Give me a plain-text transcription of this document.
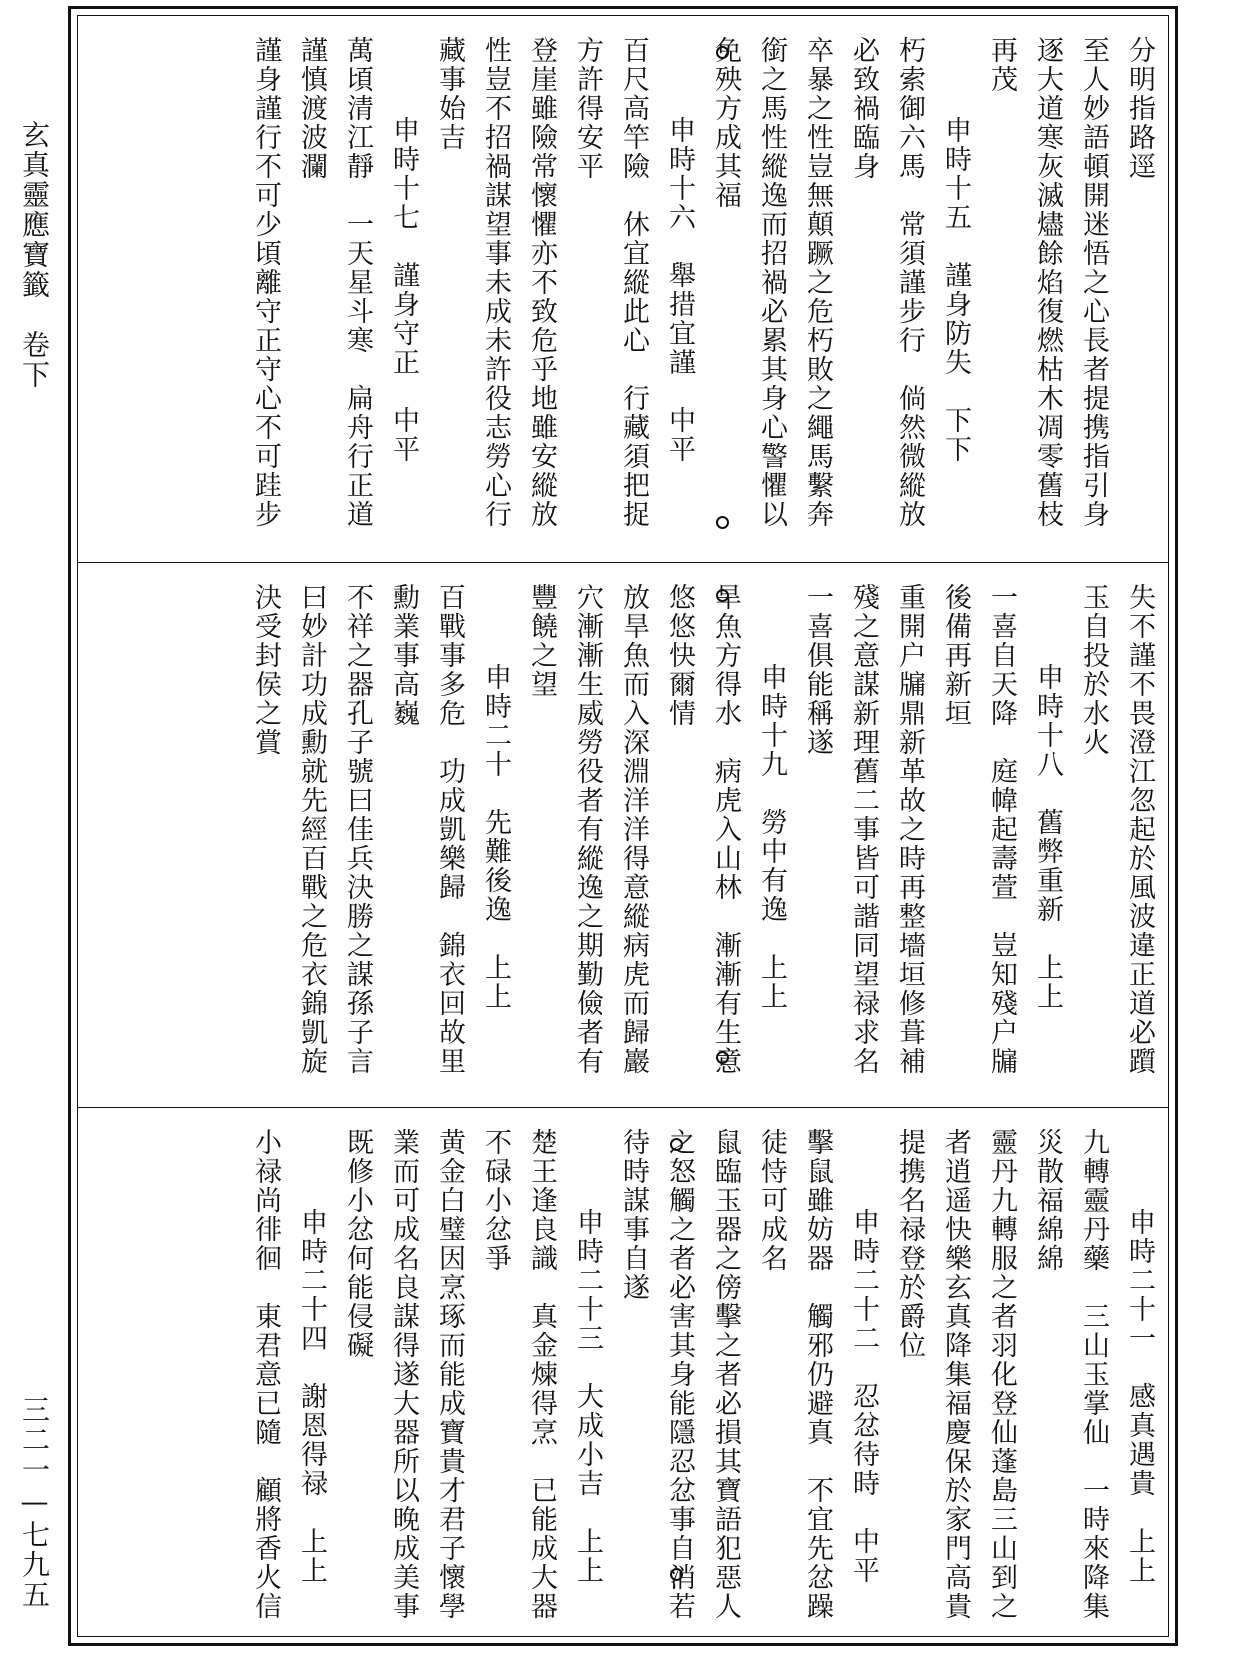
玄真靈應寶籤　卷下
三二一—七九五
分明指路逕
至人妙語頓開迷悟之心長者提携指引身
逐大道寒灰滅燼餘焰復燃枯木凋零舊枝
再茂
申時十五　謹身防失　下下
朽索御六馬　常須謹步行　倘然微縱放
必致禍臨身
卒暴之性豈無顛蹶之危朽敗之繩馬繫奔
銜之馬性縱逸而招禍必累其身心警懼以
免殃方成其福
申時十六　舉措宜謹　中平
百尺高竿險　休宜縱此心　行藏須把捉
方許得安平
登崖雖險常懷懼亦不致危乎地雖安縱放
性豈不招禍謀望事未成未許役志勞心行
藏事始吉
申時十七　謹身守正　中平
萬頃清江靜　一天星斗寒　扁舟行正道
謹慎渡波瀾
謹身謹行不可少頃離守正守心不可跬步
失不謹不畏澄江忽起於風波違正道必躓
玉自投於水火
申時十八　舊弊重新　上上
一喜自天降　庭幃起壽萱　豈知殘户牖
後備再新垣
重開户牖鼎新革故之時再整墻垣修葺補
殘之意謀新理舊二事皆可諧同望禄求名
一喜俱能稱遂
申時十九　勞中有逸　上上
旱魚方得水　病虎入山林　漸漸有生意
悠悠快爾情
放旱魚而入深淵洋洋得意縱病虎而歸巖
穴漸漸生威勞役者有縱逸之期勤儉者有
豐饒之望
申時二十　先難後逸　上上
百戰事多危　功成凱樂歸　錦衣回故里
勳業事高巍
不祥之器孔子號曰佳兵決勝之謀孫子言
曰妙計功成勳就先經百戰之危衣錦凱旋
決受封侯之賞
申時二十一　感真遇貴　上上
九轉靈丹藥　三山玉掌仙　一時來降集
災散福綿綿
靈丹九轉服之者羽化登仙蓬島三山到之
者逍遥快樂玄真降集福慶保於家門高貴
提携名禄登於爵位
申時二十二　忍忿待時　中平
擊鼠雖妨器　觸邪仍避真　不宜先忿躁
徒恃可成名
鼠臨玉器之傍擊之者必損其寶語犯惡人
之怒觸之者必害其身能隱忍忿事自消若
待時謀事自遂
申時二十三　大成小吉　上上
楚王逢良識　真金煉得烹　已能成大器
不碌小忿爭
黄金白璧因烹琢而能成寶貴才君子懷學
業而可成名良謀得遂大器所以晚成美事
既修小忿何能侵礙
申時二十四　謝恩得禄　上上
小禄尚徘徊　東君意已隨　顧將香火信
